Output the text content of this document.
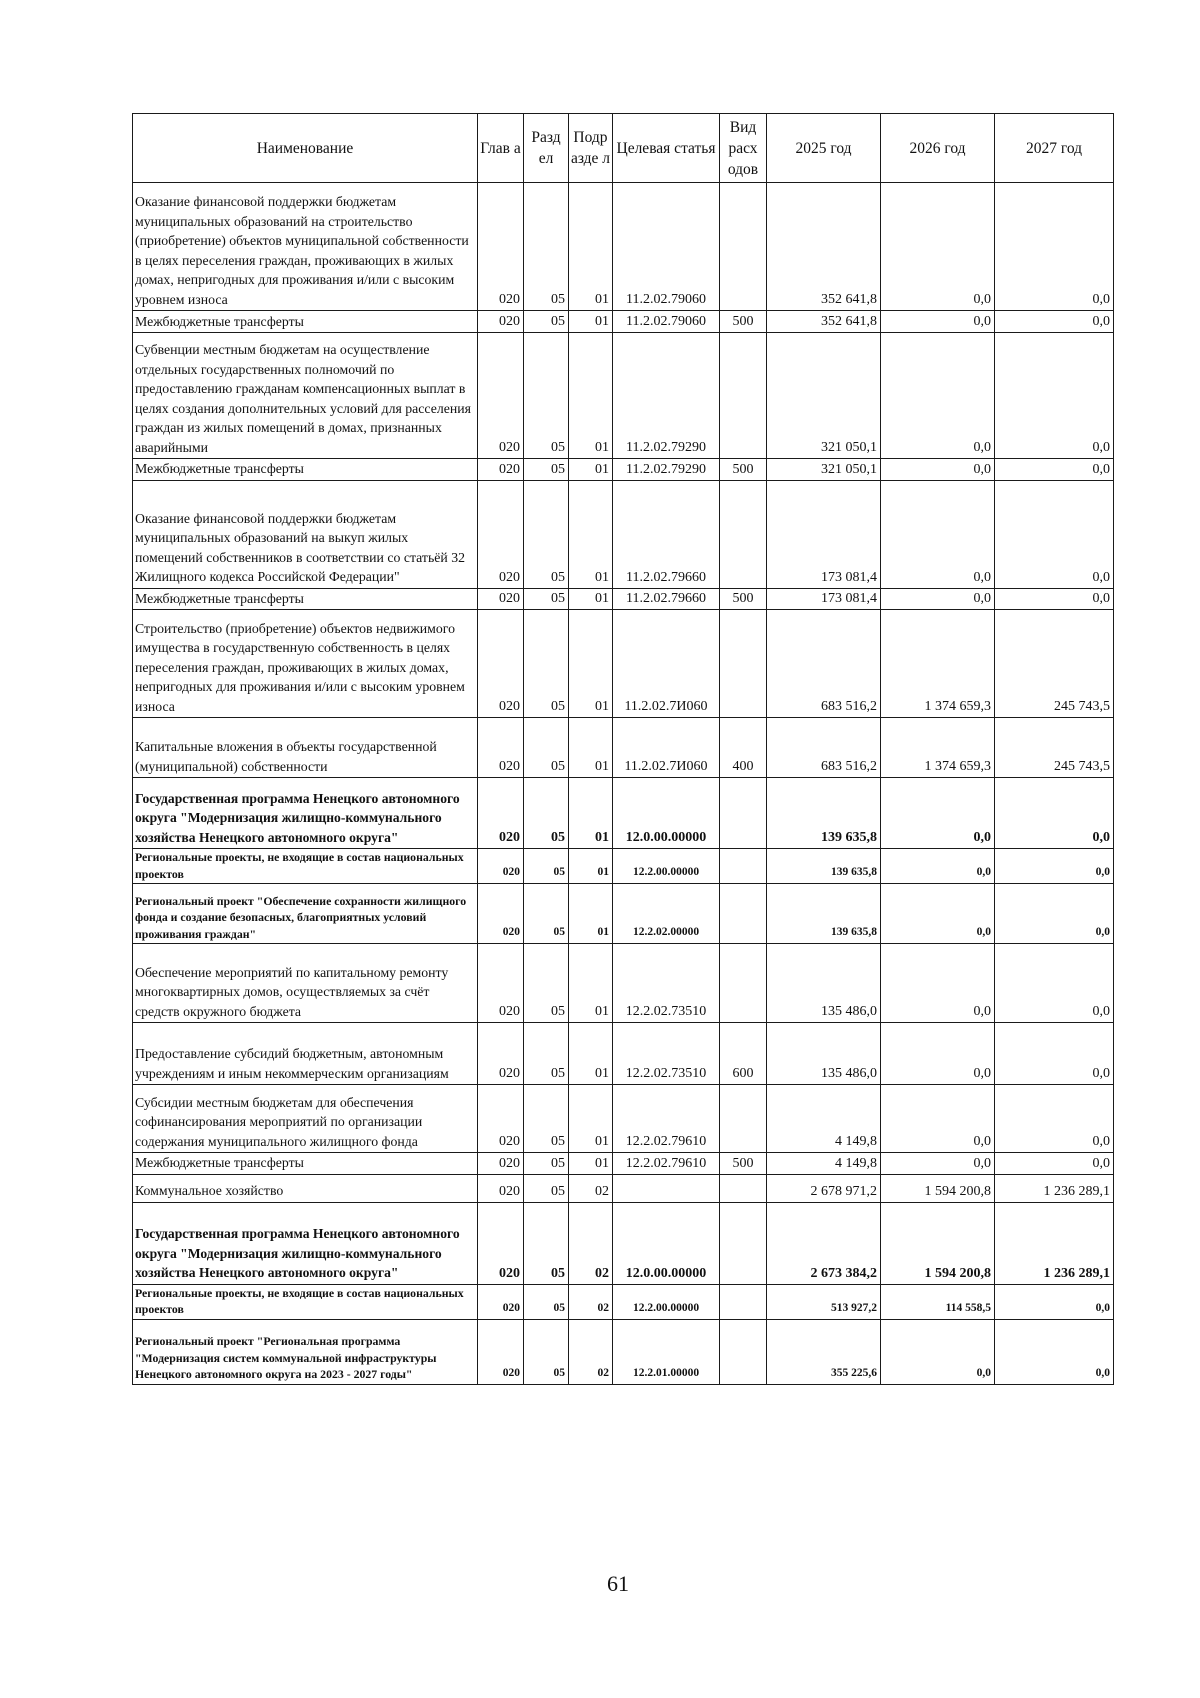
Наименование	Глав а	Разд ел	Подр азде л	Целевая статья	Вид расх одов	2025 год	2026 год	2027 год
Оказание финансовой поддержки бюджетам муниципальных образований на строительство (приобретение) объектов муниципальной собственности в целях переселения граждан, проживающих в жилых домах, непригодных для проживания и/или с высоким уровнем износа	020	05	01	11.2.02.79060		352 641,8	0,0	0,0
Межбюджетные трансферты	020	05	01	11.2.02.79060	500	352 641,8	0,0	0,0
Субвенции местным бюджетам на осуществление отдельных государственных полномочий по предоставлению гражданам компенсационных выплат в целях создания дополнительных условий для расселения граждан из жилых помещений в домах, признанных аварийными	020	05	01	11.2.02.79290		321 050,1	0,0	0,0
Межбюджетные трансферты	020	05	01	11.2.02.79290	500	321 050,1	0,0	0,0
Оказание финансовой поддержки бюджетам муниципальных образований на выкуп жилых помещений собственников в соответствии со статьёй 32 Жилищного кодекса Российской Федерации"	020	05	01	11.2.02.79660		173 081,4	0,0	0,0
Межбюджетные трансферты	020	05	01	11.2.02.79660	500	173 081,4	0,0	0,0
Строительство (приобретение) объектов недвижимого имущества в государственную собственность в целях переселения граждан, проживающих в жилых домах, непригодных для проживания и/или с высоким уровнем износа	020	05	01	11.2.02.7И060		683 516,2	1 374 659,3	245 743,5
Капитальные вложения в объекты государственной (муниципальной) собственности	020	05	01	11.2.02.7И060	400	683 516,2	1 374 659,3	245 743,5
Государственная программа Ненецкого автономного округа "Модернизация жилищно-коммунального хозяйства Ненецкого автономного округа"	020	05	01	12.0.00.00000		139 635,8	0,0	0,0
Региональные проекты, не входящие в состав национальных проектов	020	05	01	12.2.00.00000		139 635,8	0,0	0,0
Региональный проект "Обеспечение сохранности жилищного фонда и создание безопасных, благоприятных условий проживания граждан"	020	05	01	12.2.02.00000		139 635,8	0,0	0,0
Обеспечение мероприятий по капитальному ремонту многоквартирных домов, осуществляемых за счёт средств окружного бюджета	020	05	01	12.2.02.73510		135 486,0	0,0	0,0
Предоставление субсидий бюджетным, автономным учреждениям и иным некоммерческим организациям	020	05	01	12.2.02.73510	600	135 486,0	0,0	0,0
Субсидии местным бюджетам для обеспечения софинансирования мероприятий по организации содержания муниципального жилищного фонда	020	05	01	12.2.02.79610		4 149,8	0,0	0,0
Межбюджетные трансферты	020	05	01	12.2.02.79610	500	4 149,8	0,0	0,0
Коммунальное хозяйство	020	05	02			2 678 971,2	1 594 200,8	1 236 289,1
Государственная программа Ненецкого автономного округа "Модернизация жилищно-коммунального хозяйства Ненецкого автономного округа"	020	05	02	12.0.00.00000		2 673 384,2	1 594 200,8	1 236 289,1
Региональные проекты, не входящие в состав национальных проектов	020	05	02	12.2.00.00000		513 927,2	114 558,5	0,0
Региональный проект "Региональная программа "Модернизация систем коммунальной инфраструктуры Ненецкого автономного округа на 2023 - 2027 годы"	020	05	02	12.2.01.00000		355 225,6	0,0	0,0
61
